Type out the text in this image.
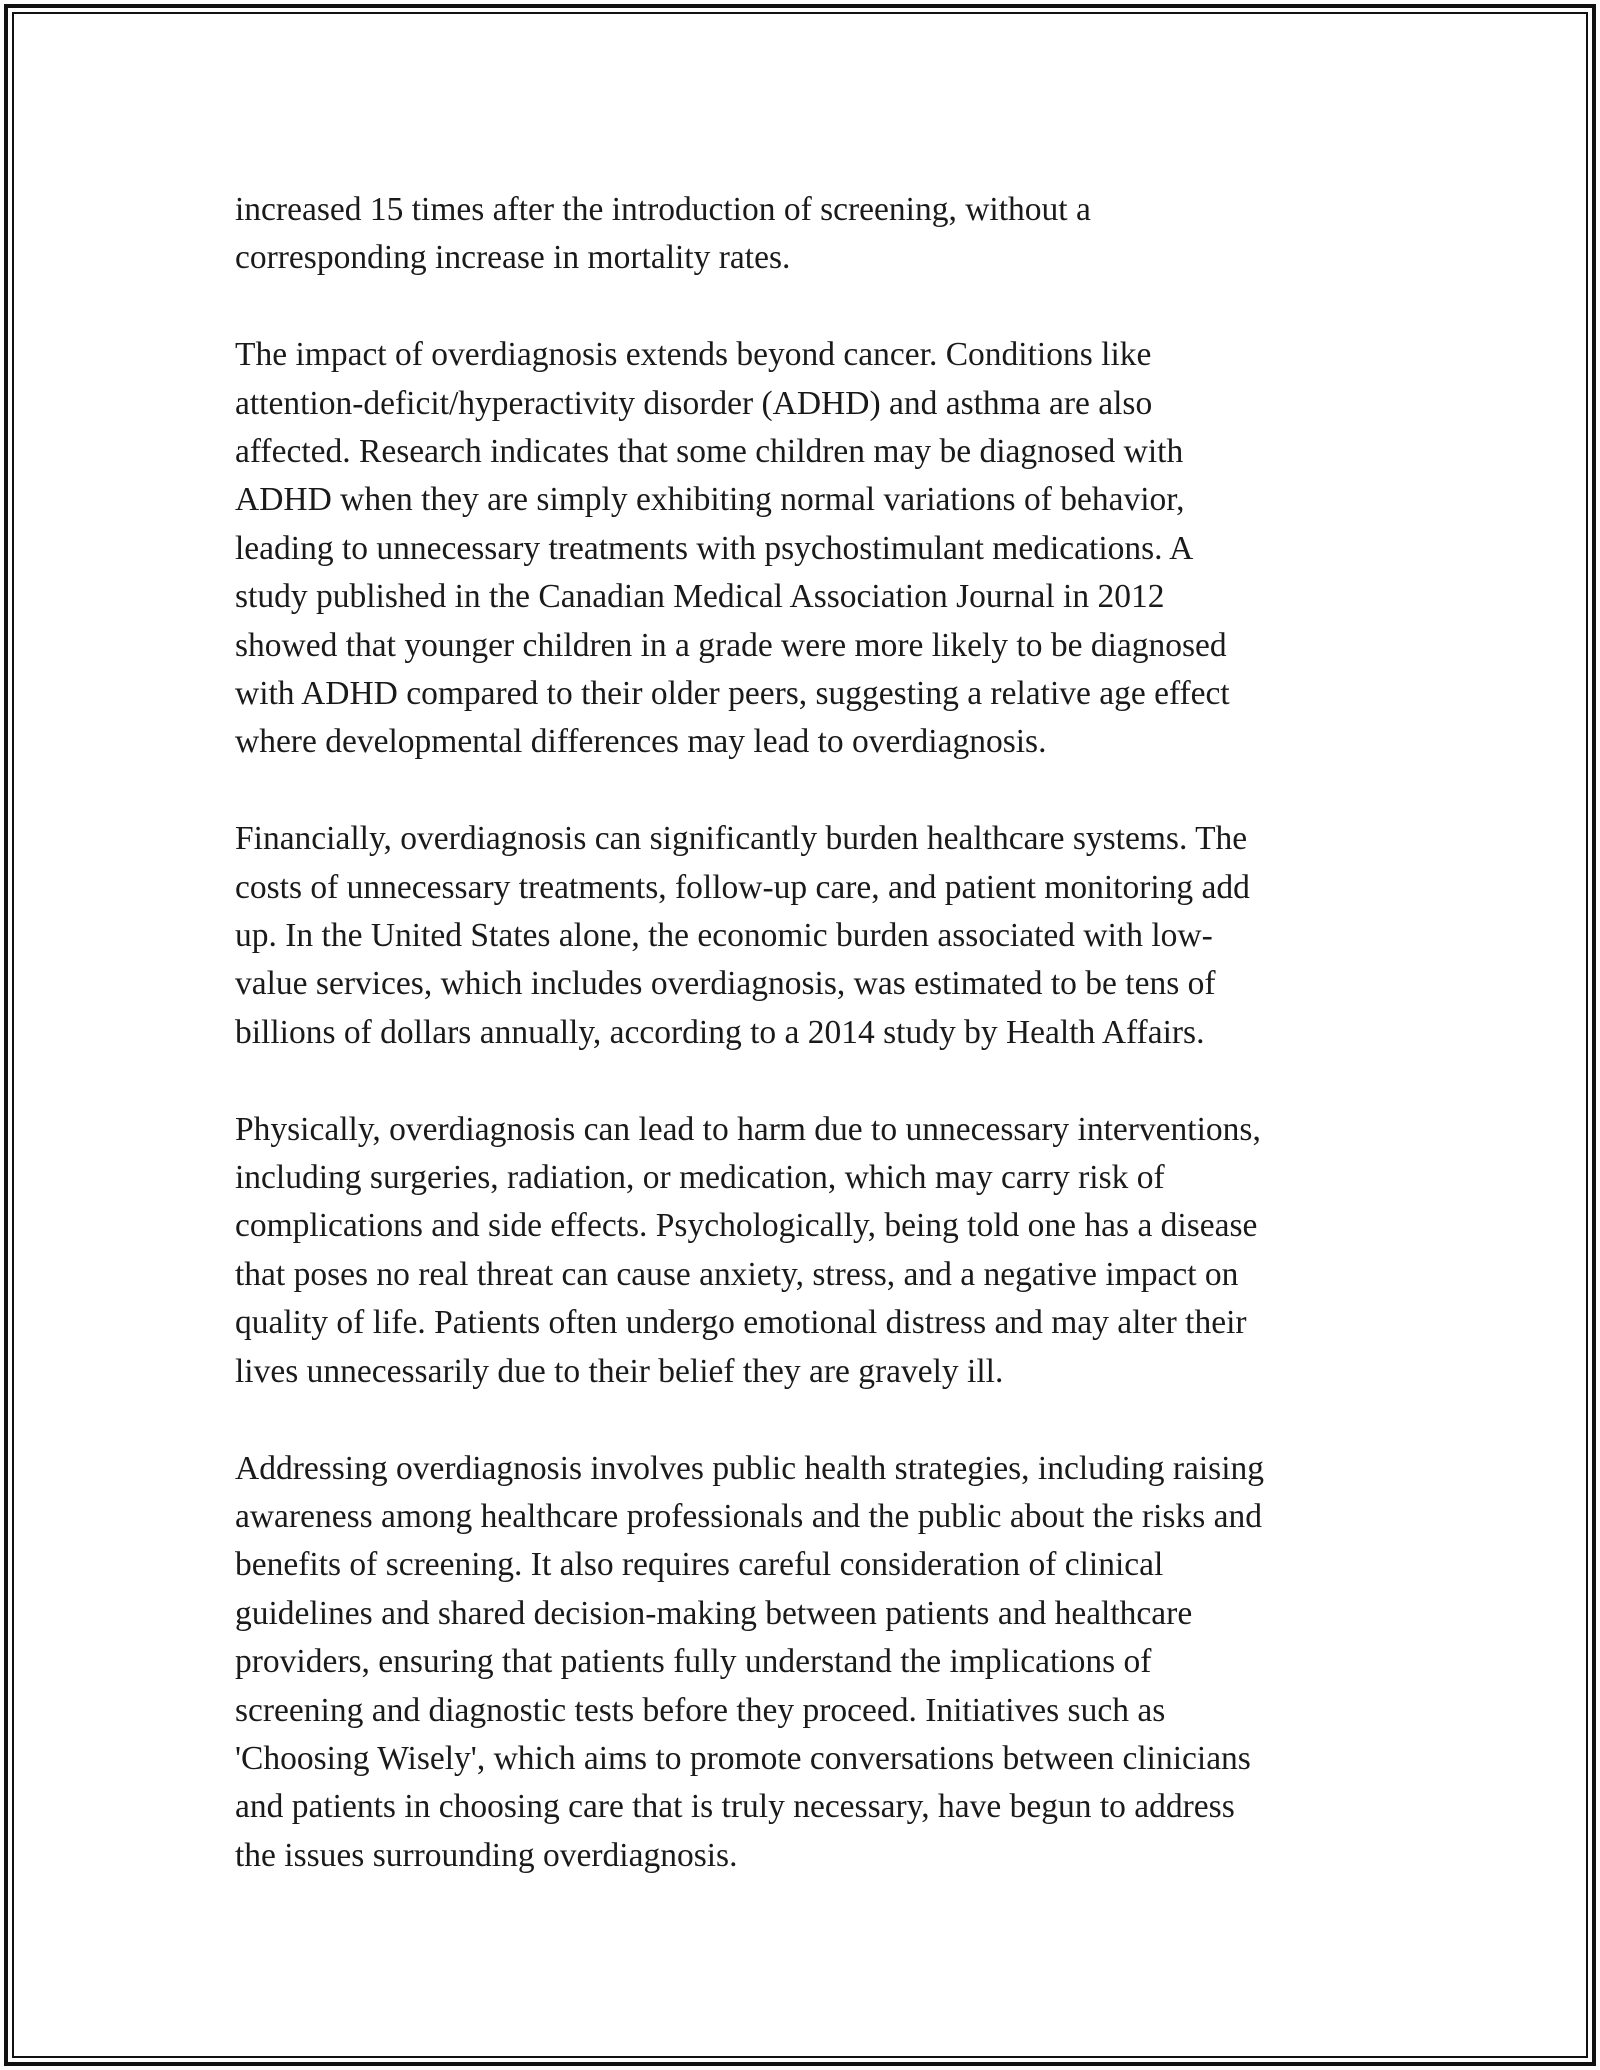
increased 15 times after the introduction of screening, without a
corresponding increase in mortality rates.

The impact of overdiagnosis extends beyond cancer. Conditions like
attention-deficit/hyperactivity disorder (ADHD) and asthma are also
affected. Research indicates that some children may be diagnosed with
ADHD when they are simply exhibiting normal variations of behavior,
leading to unnecessary treatments with psychostimulant medications. A
study published in the Canadian Medical Association Journal in 2012
showed that younger children in a grade were more likely to be diagnosed
with ADHD compared to their older peers, suggesting a relative age effect
where developmental differences may lead to overdiagnosis.

Financially, overdiagnosis can significantly burden healthcare systems. The
costs of unnecessary treatments, follow-up care, and patient monitoring add
up. In the United States alone, the economic burden associated with low-
value services, which includes overdiagnosis, was estimated to be tens of
billions of dollars annually, according to a 2014 study by Health Affairs.

Physically, overdiagnosis can lead to harm due to unnecessary interventions,
including surgeries, radiation, or medication, which may carry risk of
complications and side effects. Psychologically, being told one has a disease
that poses no real threat can cause anxiety, stress, and a negative impact on
quality of life. Patients often undergo emotional distress and may alter their
lives unnecessarily due to their belief they are gravely ill.

Addressing overdiagnosis involves public health strategies, including raising
awareness among healthcare professionals and the public about the risks and
benefits of screening. It also requires careful consideration of clinical
guidelines and shared decision-making between patients and healthcare
providers, ensuring that patients fully understand the implications of
screening and diagnostic tests before they proceed. Initiatives such as
'Choosing Wisely', which aims to promote conversations between clinicians
and patients in choosing care that is truly necessary, have begun to address
the issues surrounding overdiagnosis.
